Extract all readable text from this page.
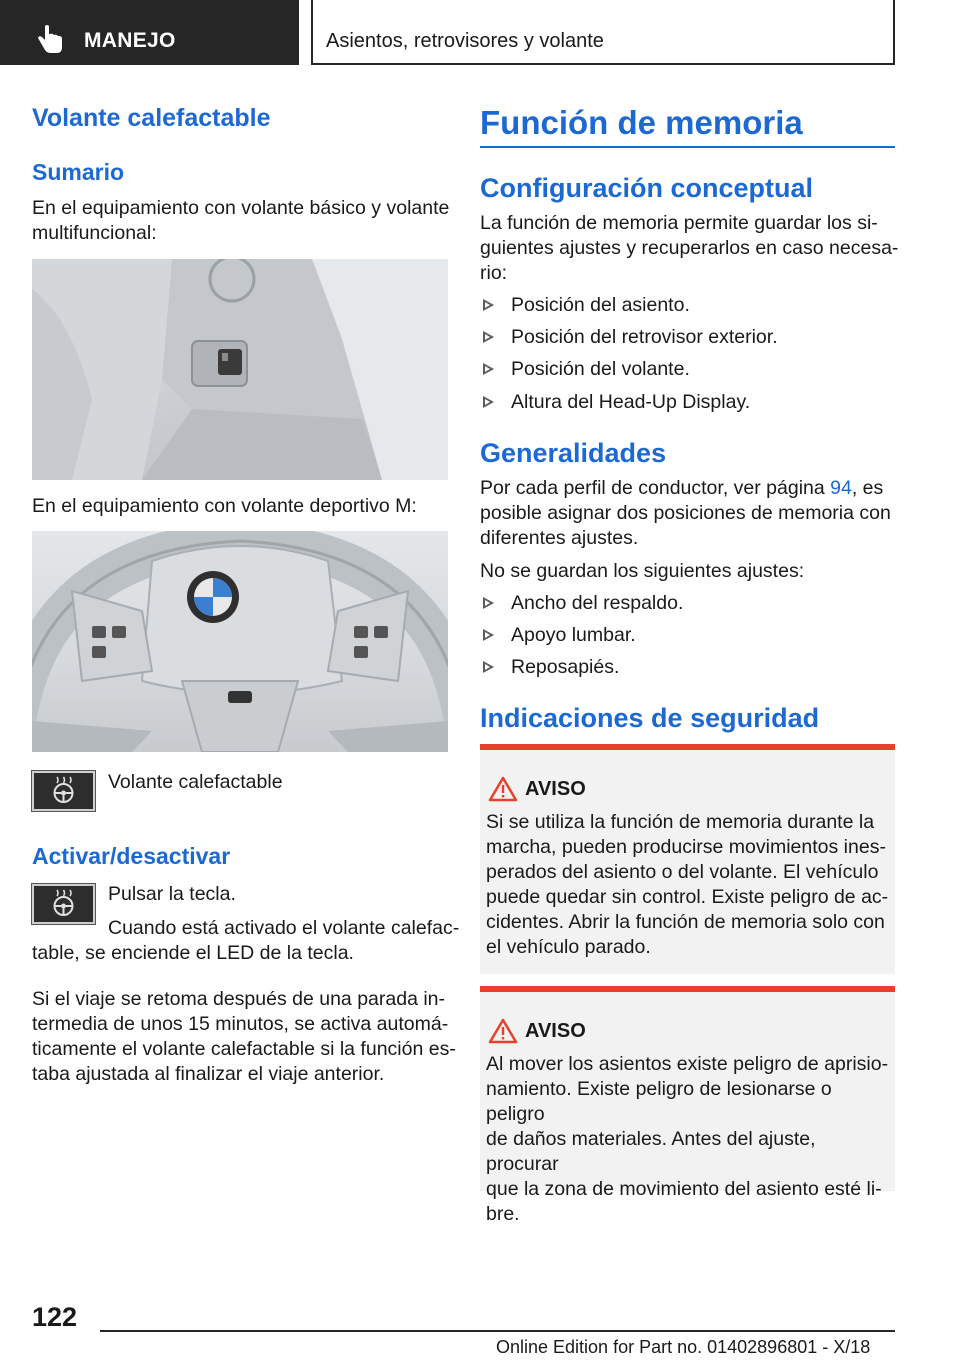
MANEJO	Asientos, retrovisores y volante
Volante calefactable
Sumario
En el equipamiento con volante básico y volante
multifuncional:
En el equipamiento con volante deportivo M:
Volante calefactable
Activar/desactivar
Pulsar la tecla.
Cuando está activado el volante calefac-
table, se enciende el LED de la tecla.
Si el viaje se retoma después de una parada in-
termedia de unos 15 minutos, se activa automá-
ticamente el volante calefactable si la función es-
taba ajustada al finalizar el viaje anterior.
Función de memoria
Configuración conceptual
La función de memoria permite guardar los si-
guientes ajustes y recuperarlos en caso necesa-
rio:
Posición del asiento.
Posición del retrovisor exterior.
Posición del volante.
Altura del Head-Up Display.
Generalidades
Por cada perfil de conductor, ver página 94, es
posible asignar dos posiciones de memoria con
diferentes ajustes.
No se guardan los siguientes ajustes:
Ancho del respaldo.
Apoyo lumbar.
Reposapiés.
Indicaciones de seguridad
AVISO
Si se utiliza la función de memoria durante la
marcha, pueden producirse movimientos ines-
perados del asiento o del volante. El vehículo
puede quedar sin control. Existe peligro de ac-
cidentes. Abrir la función de memoria solo con
el vehículo parado.
AVISO
Al mover los asientos existe peligro de aprisio-
namiento. Existe peligro de lesionarse o peligro
de daños materiales. Antes del ajuste, procurar
que la zona de movimiento del asiento esté li-
bre.
122
Online Edition for Part no. 01402896801 - X/18
